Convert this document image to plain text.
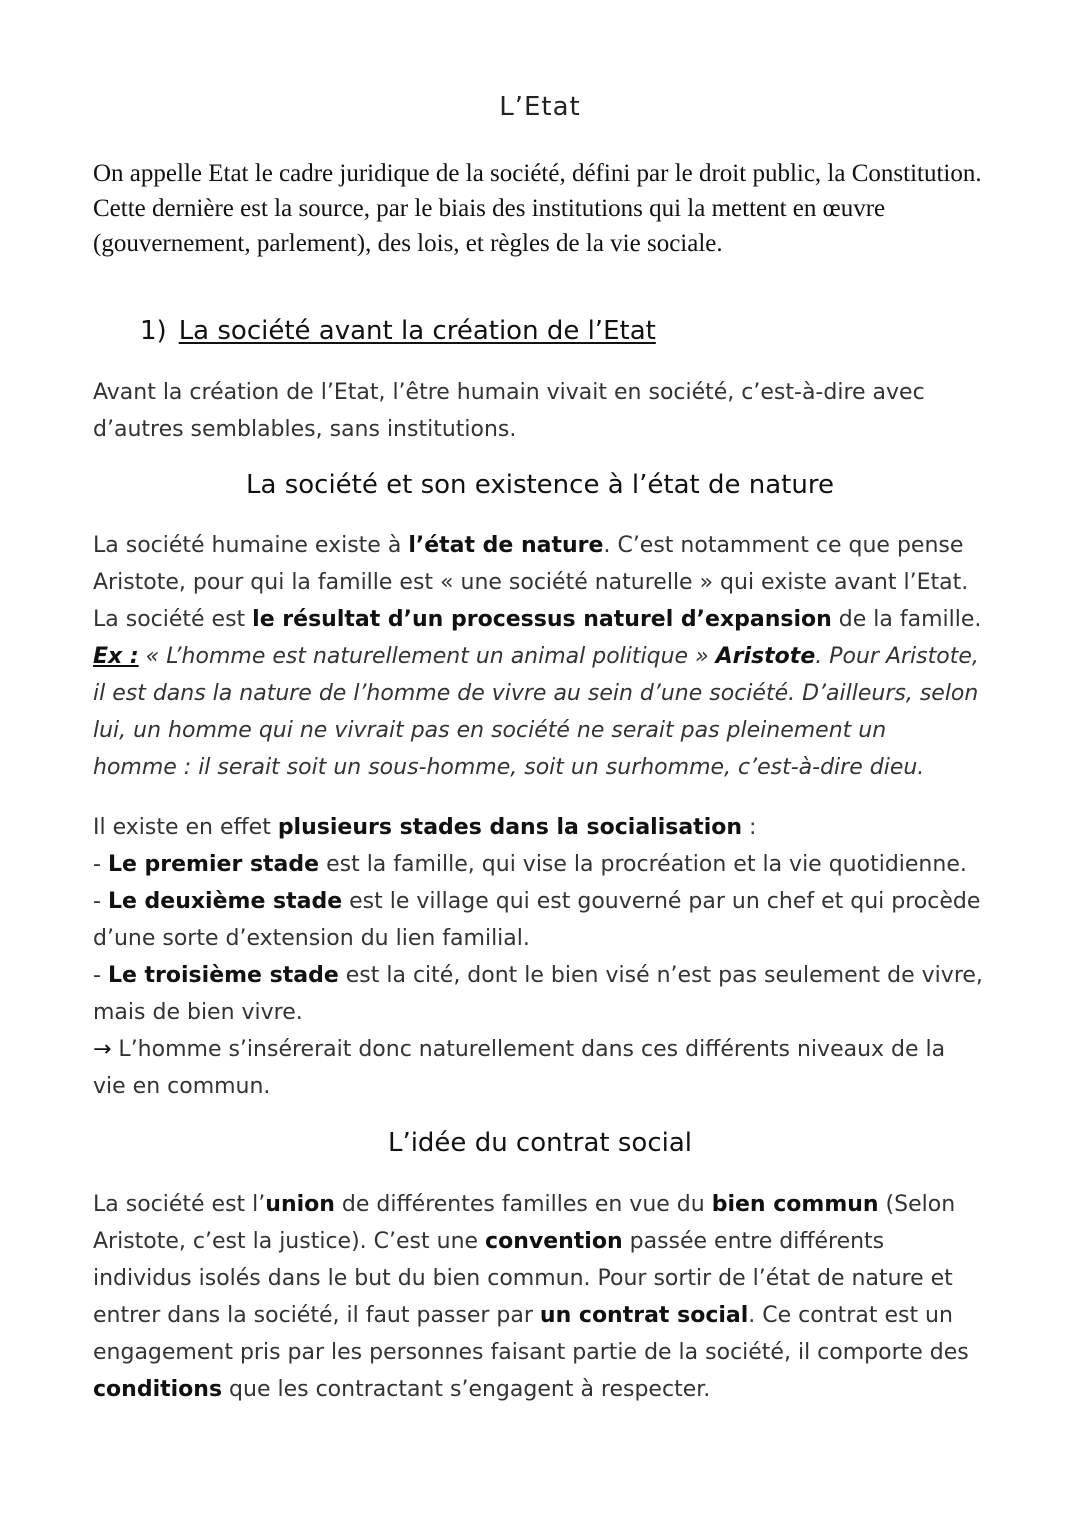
L’Etat

On appelle Etat le cadre juridique de la société, défini par le droit public, la Constitution. Cette dernière est la source, par le biais des institutions qui la mettent en œuvre (gouvernement, parlement), des lois, et règles de la vie sociale.

1) La société avant la création de l’Etat

Avant la création de l’Etat, l’être humain vivait en société, c’est-à-dire avec
d’autres semblables, sans institutions.

La société et son existence à l’état de nature

La société humaine existe à l’état de nature. C’est notamment ce que pense
Aristote, pour qui la famille est « une société naturelle » qui existe avant l’Etat.
La société est le résultat d’un processus naturel d’expansion de la famille.
Ex : « L’homme est naturellement un animal politique » Aristote. Pour Aristote,
il est dans la nature de l’homme de vivre au sein d’une société. D’ailleurs, selon
lui, un homme qui ne vivrait pas en société ne serait pas pleinement un
homme : il serait soit un sous-homme, soit un surhomme, c’est-à-dire dieu.

Il existe en effet plusieurs stades dans la socialisation :
- Le premier stade est la famille, qui vise la procréation et la vie quotidienne.
- Le deuxième stade est le village qui est gouverné par un chef et qui procède
d’une sorte d’extension du lien familial.
- Le troisième stade est la cité, dont le bien visé n’est pas seulement de vivre,
mais de bien vivre.
→ L’homme s’insérerait donc naturellement dans ces différents niveaux de la
vie en commun.

L’idée du contrat social

La société est l’union de différentes familles en vue du bien commun (Selon
Aristote, c’est la justice). C’est une convention passée entre différents
individus isolés dans le but du bien commun. Pour sortir de l’état de nature et
entrer dans la société, il faut passer par un contrat social. Ce contrat est un
engagement pris par les personnes faisant partie de la société, il comporte des
conditions que les contractant s’engagent à respecter.
